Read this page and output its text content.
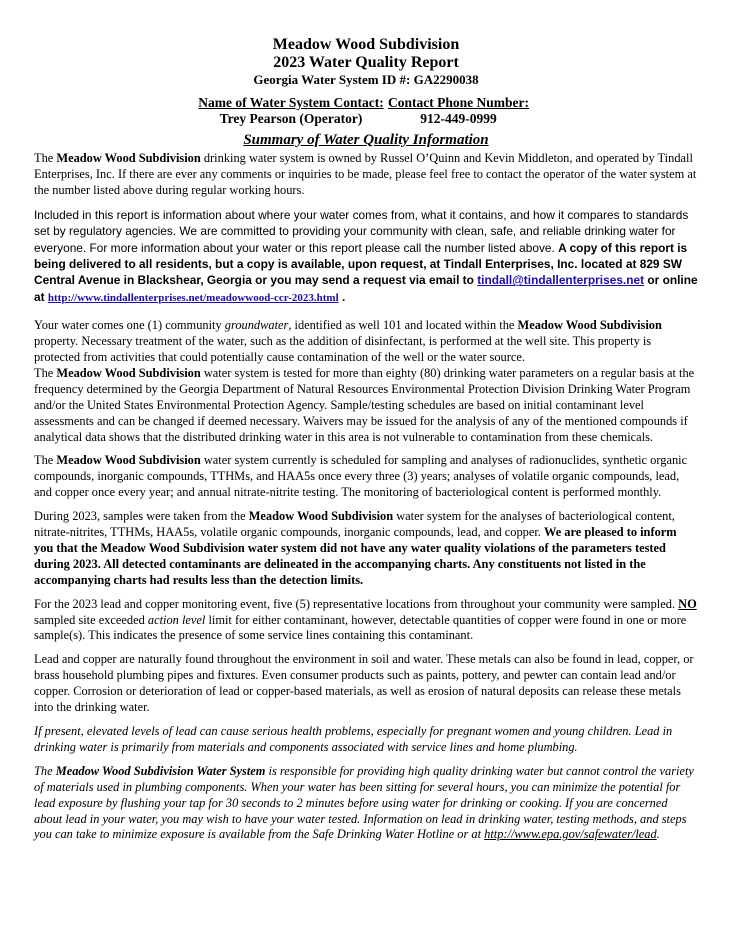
Meadow Wood Subdivision
2023 Water Quality Report
Georgia Water System ID #: GA2290038
Name of Water System Contact:
Trey Pearson (Operator)
Contact Phone Number:
912-449-0999
Summary of Water Quality Information

The Meadow Wood Subdivision drinking water system is owned by Russel O’Quinn and Kevin Middleton, and operated by Tindall Enterprises, Inc. If there are ever any comments or inquiries to be made, please feel free to contact the operator of the water system at the number listed above during regular working hours.

Included in this report is information about where your water comes from, what it contains, and how it compares to standards set by regulatory agencies. We are committed to providing your community with clean, safe, and reliable drinking water for everyone. For more information about your water or this report please call the number listed above. A copy of this report is being delivered to all residents, but a copy is available, upon request, at Tindall Enterprises, Inc. located at 829 SW Central Avenue in Blackshear, Georgia or you may send a request via email to tindall@tindallenterprises.net or online at http://www.tindallenterprises.net/meadowwood-ccr-2023.html .

Your water comes one (1) community groundwater, identified as well 101 and located within the Meadow Wood Subdivision property. Necessary treatment of the water, such as the addition of disinfectant, is performed at the well site. This property is protected from activities that could potentially cause contamination of the well or the water source.

The Meadow Wood Subdivision water system is tested for more than eighty (80) drinking water parameters on a regular basis at the frequency determined by the Georgia Department of Natural Resources Environmental Protection Division Drinking Water Program and/or the United States Environmental Protection Agency. Sample/testing schedules are based on initial contaminant level assessments and can be changed if deemed necessary. Waivers may be issued for the analysis of any of the mentioned compounds if analytical data shows that the distributed drinking water in this area is not vulnerable to contamination from these chemicals.

The Meadow Wood Subdivision water system currently is scheduled for sampling and analyses of radionuclides, synthetic organic compounds, inorganic compounds, TTHMs, and HAA5s once every three (3) years; analyses of volatile organic compounds, lead, and copper once every year; and annual nitrate-nitrite testing. The monitoring of bacteriological content is performed monthly.

During 2023, samples were taken from the Meadow Wood Subdivision water system for the analyses of bacteriological content, nitrate-nitrites, TTHMs, HAA5s, volatile organic compounds, inorganic compounds, lead, and copper. We are pleased to inform you that the Meadow Wood Subdivision water system did not have any water quality violations of the parameters tested during 2023. All detected contaminants are delineated in the accompanying charts. Any constituents not listed in the accompanying charts had results less than the detection limits.

For the 2023 lead and copper monitoring event, five (5) representative locations from throughout your community were sampled. NO sampled site exceeded action level limit for either contaminant, however, detectable quantities of copper were found in one or more sample(s). This indicates the presence of some service lines containing this contaminant.

Lead and copper are naturally found throughout the environment in soil and water. These metals can also be found in lead, copper, or brass household plumbing pipes and fixtures. Even consumer products such as paints, pottery, and pewter can contain lead and/or copper. Corrosion or deterioration of lead or copper-based materials, as well as erosion of natural deposits can release these metals into the drinking water.

If present, elevated levels of lead can cause serious health problems, especially for pregnant women and young children. Lead in drinking water is primarily from materials and components associated with service lines and home plumbing.

The Meadow Wood Subdivision Water System is responsible for providing high quality drinking water but cannot control the variety of materials used in plumbing components. When your water has been sitting for several hours, you can minimize the potential for lead exposure by flushing your tap for 30 seconds to 2 minutes before using water for drinking or cooking. If you are concerned about lead in your water, you may wish to have your water tested. Information on lead in drinking water, testing methods, and steps you can take to minimize exposure is available from the Safe Drinking Water Hotline or at http://www.epa.gov/safewater/lead.
